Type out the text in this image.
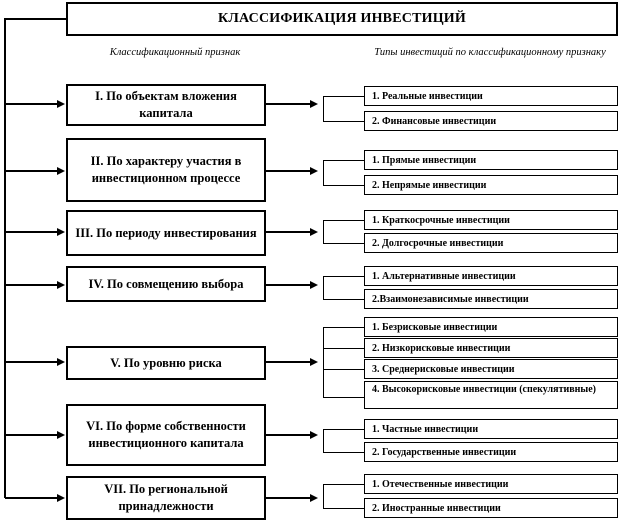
КЛАССИФИКАЦИЯ ИНВЕСТИЦИЙ
Классификационный признак	Типы инвестиций по классификационному признаку
I. По объектам вложения капитала
II. По характеру участия в инвестиционном процессе
III. По периоду инвестирования
IV. По совмещению выбора
V. По уровню риска
VI. По форме собственности инвестиционного капитала
VII. По региональной принадлежности
1. Реальные инвестиции
2. Финансовые инвестиции
1. Прямые инвестиции
2. Непрямые инвестиции
1. Краткосрочные инвестиции
2. Долгосрочные инвестиции
1. Альтернативные инвестиции
2.Взаимонезависимые инвестиции
1. Безрисковые инвестиции
2. Низкорисковые инвестиции
3. Среднерисковые инвестиции
4. Высокорисковые инвестиции (спекулятивные)
1. Частные инвестиции
2. Государственные инвестиции
1. Отечественные инвестиции
2. Иностранные инвестиции
